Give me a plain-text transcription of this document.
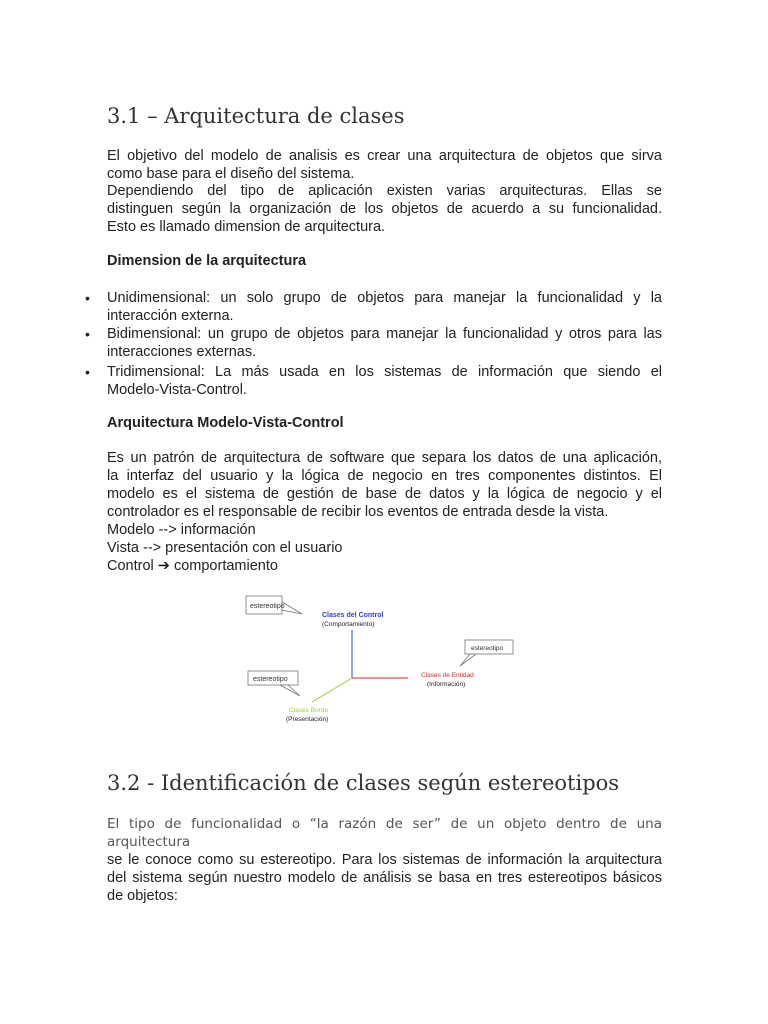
3.1 – Arquitectura de clases
El objetivo del modelo de analisis es crear una arquitectura de objetos que sirva
como base para el diseño del sistema.
Dependiendo del tipo de aplicación existen varias arquitecturas. Ellas se
distinguen según la organización de los objetos de acuerdo a su funcionalidad.
Esto es llamado dimension de arquitectura.
Dimension de la arquitectura
• Unidimensional: un solo grupo de objetos para manejar la funcionalidad y la
interacción externa.
• Bidimensional: un grupo de objetos para manejar la funcionalidad y otros para las
interacciones externas.
• Tridimensional: La más usada en los sistemas de información que siendo el
Modelo-Vista-Control.
Arquitectura Modelo-Vista-Control
Es un patrón de arquitectura de software que separa los datos de una aplicación,
la interfaz del usuario y la lógica de negocio en tres componentes distintos. El
modelo es el sistema de gestión de base de datos y la lógica de negocio y el
controlador es el responsable de recibir los eventos de entrada desde la vista.
Modelo --> información
Vista --> presentación con el usuario
Control ➔ comportamiento
estereotipo
Clases del Control
(Comportamiento)
estereotipo
Clases de Entidad
(Información)
estereotipo
Clases Borde
(Presentación)
3.2 - Identificación de clases según estereotipos
El tipo de funcionalidad o “la razón de ser” de un objeto dentro de una arquitectura
se le conoce como su estereotipo. Para los sistemas de información la arquitectura
del sistema según nuestro modelo de análisis se basa en tres estereotipos básicos
de objetos:
